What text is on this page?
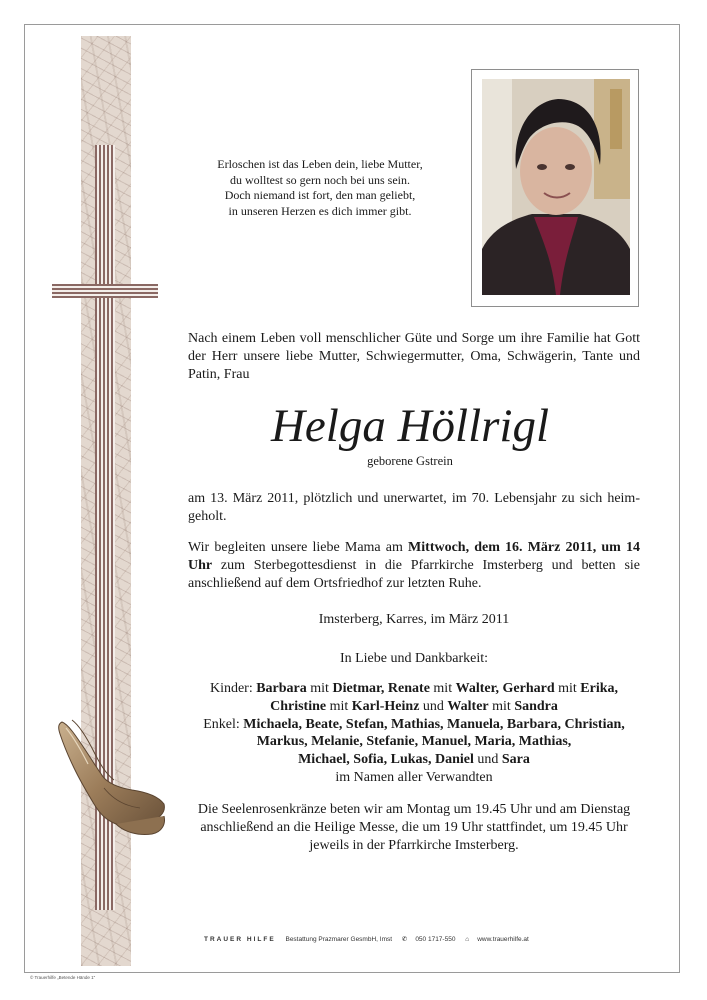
Erloschen ist das Leben dein, liebe Mutter,
du wolltest so gern noch bei uns sein.
Doch niemand ist fort, den man geliebt,
in unseren Herzen es dich immer gibt.
Nach einem Leben voll menschlicher Güte und Sorge um ihre Familie hat Gott der Herr unsere liebe Mutter, Schwiegermutter, Oma, Schwägerin, Tante und Patin, Frau
Helga Höllrigl
geborene Gstrein
am 13. März 2011, plötzlich und unerwartet, im 70. Lebensjahr zu sich heimgeholt.
Wir begleiten unsere liebe Mama am Mittwoch, dem 16. März 2011, um 14 Uhr zum Sterbegottesdienst in die Pfarrkirche Imsterberg und betten sie anschließend auf dem Ortsfriedhof zur letzten Ruhe.
Imsterberg, Karres, im März 2011
In Liebe und Dankbarkeit:
Kinder: Barbara mit Dietmar, Renate mit Walter, Gerhard mit Erika,
Christine mit Karl-Heinz und Walter mit Sandra
Enkel: Michaela, Beate, Stefan, Mathias, Manuela, Barbara, Christian,
Markus, Melanie, Stefanie, Manuel, Maria, Mathias,
Michael, Sofia, Lukas, Daniel und Sara
im Namen aller Verwandten
Die Seelenrosenkränze beten wir am Montag um 19.45 Uhr und am Dienstag anschließend an die Heilige Messe, die um 19 Uhr stattfindet, um 19.45 Uhr jeweils in der Pfarrkirche Imsterberg.
TRAUER HILFE Bestattung Prazmarer GesmbH, Imst ✆ 050 1717-550 ⌂ www.trauerhilfe.at
© Trauerhilfe „Betende Hände 1"
